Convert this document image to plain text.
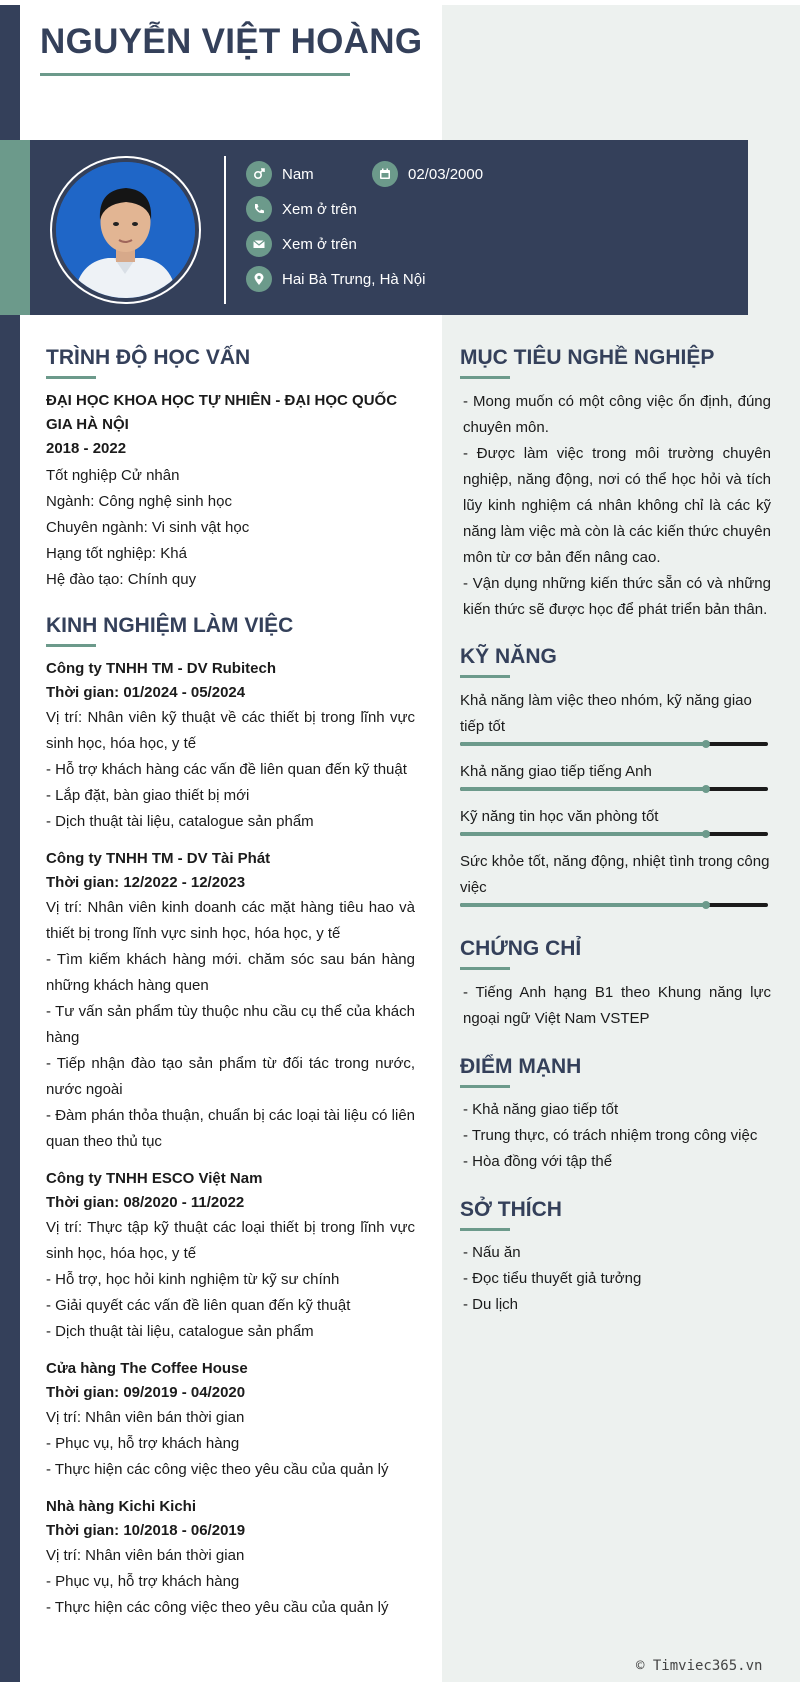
NGUYỄN VIỆT HOÀNG
Nam	02/03/2000
Xem ở trên
Xem ở trên
Hai Bà Trưng, Hà Nội
TRÌNH ĐỘ HỌC VẤN
ĐẠI HỌC KHOA HỌC TỰ NHIÊN - ĐẠI HỌC QUỐC GIA HÀ NỘI
2018 - 2022
Tốt nghiệp Cử nhân
Ngành: Công nghệ sinh học
Chuyên ngành: Vi sinh vật học
Hạng tốt nghiệp: Khá
Hệ đào tạo: Chính quy
KINH NGHIỆM LÀM VIỆC
Công ty TNHH TM - DV Rubitech
Thời gian: 01/2024 - 05/2024
Vị trí: Nhân viên kỹ thuật về các thiết bị trong lĩnh vực sinh học, hóa học, y tế
- Hỗ trợ khách hàng các vấn đề liên quan đến kỹ thuật
- Lắp đặt, bàn giao thiết bị mới
- Dịch thuật tài liệu, catalogue sản phẩm
Công ty TNHH TM - DV Tài Phát
Thời gian: 12/2022 - 12/2023
Vị trí: Nhân viên kinh doanh các mặt hàng tiêu hao và thiết bị trong lĩnh vực sinh học, hóa học, y tế
- Tìm kiếm khách hàng mới. chăm sóc sau bán hàng những khách hàng quen
- Tư vấn sản phẩm tùy thuộc nhu cầu cụ thể của khách hàng
- Tiếp nhận đào tạo sản phẩm từ đối tác trong nước, nước ngoài
- Đàm phán thỏa thuận, chuẩn bị các loại tài liệu có liên quan theo thủ tục
Công ty TNHH ESCO Việt Nam
Thời gian: 08/2020 - 11/2022
Vị trí: Thực tập kỹ thuật các loại thiết bị trong lĩnh vực sinh học, hóa học, y tế
- Hỗ trợ, học hỏi kinh nghiệm từ kỹ sư chính
- Giải quyết các vấn đề liên quan đến kỹ thuật
- Dịch thuật tài liệu, catalogue sản phẩm
Cửa hàng The Coffee House
Thời gian: 09/2019 - 04/2020
Vị trí: Nhân viên bán thời gian
- Phục vụ, hỗ trợ khách hàng
- Thực hiện các công việc theo yêu cầu của quản lý
Nhà hàng Kichi Kichi
Thời gian: 10/2018 - 06/2019
Vị trí: Nhân viên bán thời gian
- Phục vụ, hỗ trợ khách hàng
- Thực hiện các công việc theo yêu cầu của quản lý
MỤC TIÊU NGHỀ NGHIỆP
- Mong muốn có một công việc ổn định, đúng chuyên môn.
- Được làm việc trong môi trường chuyên nghiệp, năng động, nơi có thể học hỏi và tích lũy kinh nghiệm cá nhân không chỉ là các kỹ năng làm việc mà còn là các kiến thức chuyên môn từ cơ bản đến nâng cao.
- Vận dụng những kiến thức sẵn có và những kiến thức sẽ được học để phát triển bản thân.
KỸ NĂNG
Khả năng làm việc theo nhóm, kỹ năng giao tiếp tốt
Khả năng giao tiếp tiếng Anh
Kỹ năng tin học văn phòng tốt
Sức khỏe tốt, năng động, nhiệt tình trong công việc
CHỨNG CHỈ
- Tiếng Anh hạng B1 theo Khung năng lực ngoại ngữ Việt Nam VSTEP
ĐIỂM MẠNH
- Khả năng giao tiếp tốt
- Trung thực, có trách nhiệm trong công việc
- Hòa đồng với tập thể
SỞ THÍCH
- Nấu ăn
- Đọc tiểu thuyết giả tưởng
- Du lịch
© Timviec365.vn
